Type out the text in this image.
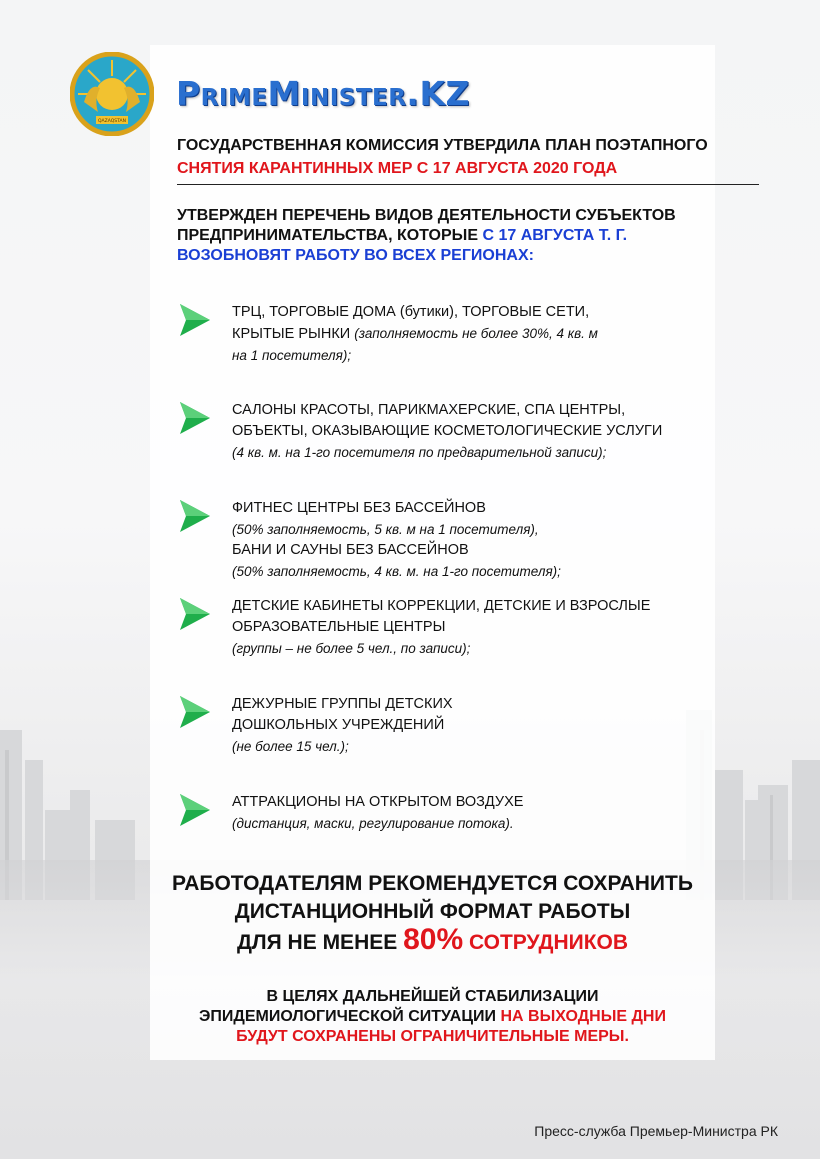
QAZAQSTAN
PrimeMinister.KZ
ГОСУДАРСТВЕННАЯ КОМИССИЯ УТВЕРДИЛА ПЛАН ПОЭТАПНОГО
СНЯТИЯ КАРАНТИННЫХ МЕР С 17 АВГУСТА 2020 ГОДА
УТВЕРЖДЕН ПЕРЕЧЕНЬ ВИДОВ ДЕЯТЕЛЬНОСТИ СУБЪЕКТОВ
ПРЕДПРИНИМАТЕЛЬСТВА, КОТОРЫЕ С 17 АВГУСТА Т. Г.
ВОЗОБНОВЯТ РАБОТУ ВО ВСЕХ РЕГИОНАХ:
ТРЦ, ТОРГОВЫЕ ДОМА (бутики), ТОРГОВЫЕ СЕТИ,
КРЫТЫЕ РЫНКИ (заполняемость не более 30%, 4 кв. м
на 1 посетителя);
САЛОНЫ КРАСОТЫ, ПАРИКМАХЕРСКИЕ, СПА ЦЕНТРЫ,
ОБЪЕКТЫ, ОКАЗЫВАЮЩИЕ КОСМЕТОЛОГИЧЕСКИЕ УСЛУГИ
(4 кв. м. на 1-го посетителя по предварительной записи);
ФИТНЕС ЦЕНТРЫ БЕЗ БАССЕЙНОВ
(50% заполняемость, 5 кв. м на 1 посетителя),
БАНИ И САУНЫ БЕЗ БАССЕЙНОВ
(50% заполняемость, 4 кв. м. на 1-го посетителя);
ДЕТСКИЕ КАБИНЕТЫ КОРРЕКЦИИ, ДЕТСКИЕ И ВЗРОСЛЫЕ
ОБРАЗОВАТЕЛЬНЫЕ ЦЕНТРЫ
(группы – не более 5 чел., по записи);
ДЕЖУРНЫЕ ГРУППЫ ДЕТСКИХ
ДОШКОЛЬНЫХ УЧРЕЖДЕНИЙ
(не более 15 чел.);
АТТРАКЦИОНЫ НА ОТКРЫТОМ ВОЗДУХЕ
(дистанция, маски, регулирование потока).
РАБОТОДАТЕЛЯМ РЕКОМЕНДУЕТСЯ СОХРАНИТЬ
ДИСТАНЦИОННЫЙ ФОРМАТ РАБОТЫ
ДЛЯ НЕ МЕНЕЕ 80% СОТРУДНИКОВ
В ЦЕЛЯХ ДАЛЬНЕЙШЕЙ СТАБИЛИЗАЦИИ
ЭПИДЕМИОЛОГИЧЕСКОЙ СИТУАЦИИ НА ВЫХОДНЫЕ ДНИ
БУДУТ СОХРАНЕНЫ ОГРАНИЧИТЕЛЬНЫЕ МЕРЫ.
Пресс-служба Премьер-Министра РК
